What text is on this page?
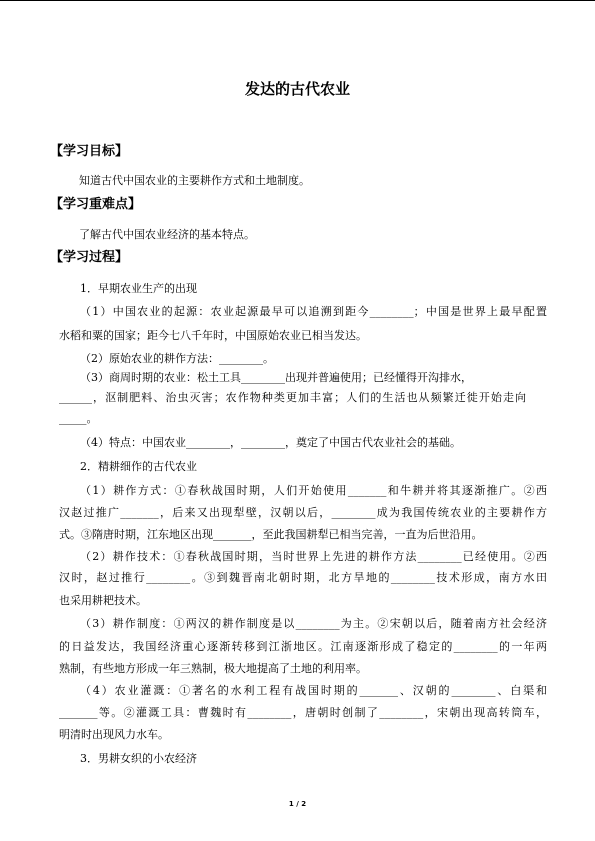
发达的古代农业
【学习目标】
知道古代中国农业的主要耕作方式和土地制度。
【学习重难点】
了解古代中国农业经济的基本特点。
【学习过程】
1．早期农业生产的出现
（1）中国农业的起源：农业起源最早可以追溯到距今________；中国是世界上最早配置
水稻和粟的国家；距今七八千年时，中国原始农业已相当发达。
（2）原始农业的耕作方法：________。
（3）商周时期的农业：松土工具________出现并普遍使用；已经懂得开沟排水，
______，沤制肥料、治虫灭害；农作物种类更加丰富；人们的生活也从频繁迁徙开始走向
_____。
（4）特点：中国农业________，________，奠定了中国古代农业社会的基础。
2．精耕细作的古代农业
（1）耕作方式：①春秋战国时期，人们开始使用_______和牛耕并将其逐渐推广。②西
汉赵过推广_______，后来又出现犁壁，汉朝以后，________成为我国传统农业的主要耕作方
式。③隋唐时期，江东地区出现_______，至此我国耕犁已相当完善，一直为后世沿用。
（2）耕作技术：①春秋战国时期，当时世界上先进的耕作方法________已经使用。②西
汉时，赵过推行________。③到魏晋南北朝时期，北方旱地的________技术形成，南方水田
也采用耕耙技术。
（3）耕作制度：①两汉的耕作制度是以________为主。②宋朝以后，随着南方社会经济
的日益发达，我国经济重心逐渐转移到江浙地区。江南逐渐形成了稳定的________的一年两
熟制，有些地方形成一年三熟制，极大地提高了土地的利用率。
（4）农业灌溉：①著名的水利工程有战国时期的_______、汉朝的________、白渠和
_______等。②灌溉工具：曹魏时有________，唐朝时创制了________，宋朝出现高转筒车，
明清时出现风力水车。
3．男耕女织的小农经济
1 / 2
